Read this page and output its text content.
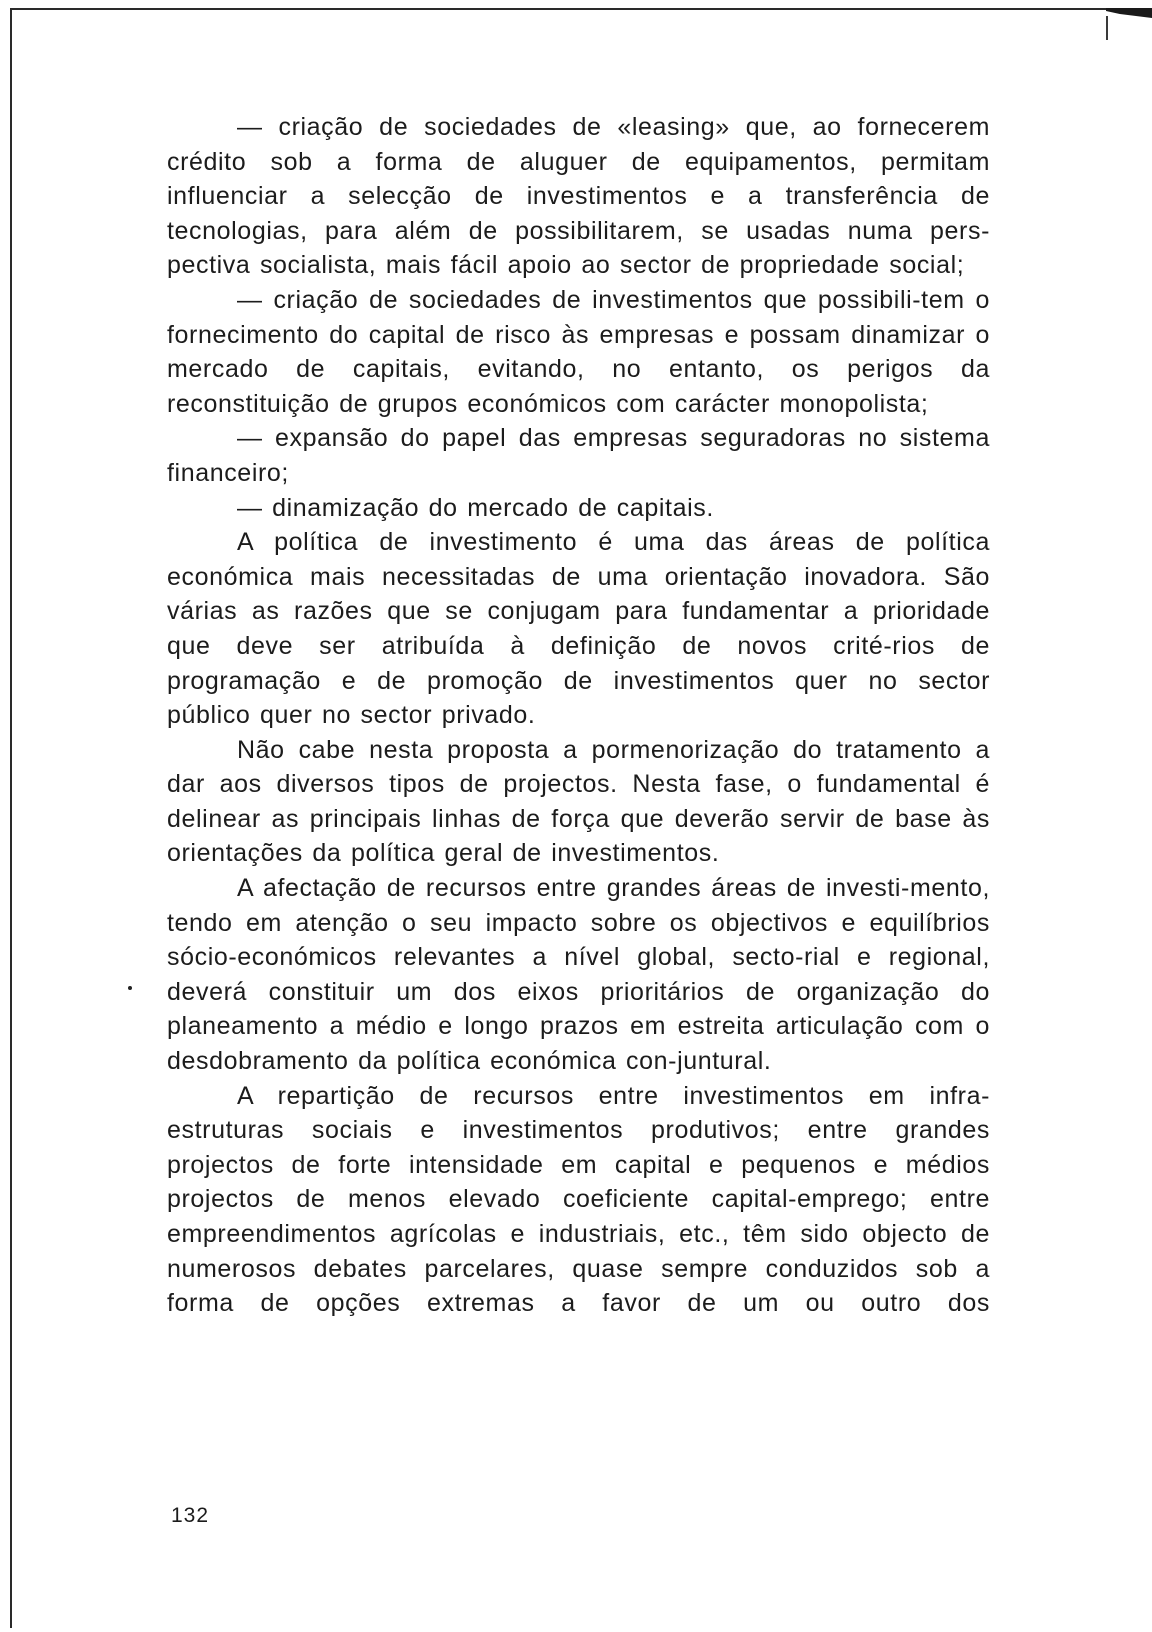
— criação de sociedades de «leasing» que, ao fornecerem crédito sob a forma de aluguer de equipamentos, permitam influenciar a selecção de investimentos e a transferência de tecnologias, para além de possibilitarem, se usadas numa pers-pectiva socialista, mais fácil apoio ao sector de propriedade social;

— criação de sociedades de investimentos que possibili-tem o fornecimento do capital de risco às empresas e possam dinamizar o mercado de capitais, evitando, no entanto, os perigos da reconstituição de grupos económicos com carácter monopolista;

— expansão do papel das empresas seguradoras no sistema financeiro;

— dinamização do mercado de capitais.

A política de investimento é uma das áreas de política económica mais necessitadas de uma orientação inovadora. São várias as razões que se conjugam para fundamentar a prioridade que deve ser atribuída à definição de novos crité-rios de programação e de promoção de investimentos quer no sector público quer no sector privado.

Não cabe nesta proposta a pormenorização do tratamento a dar aos diversos tipos de projectos. Nesta fase, o fundamental é delinear as principais linhas de força que deverão servir de base às orientações da política geral de investimentos.

A afectação de recursos entre grandes áreas de investi-mento, tendo em atenção o seu impacto sobre os objectivos e equilíbrios sócio-económicos relevantes a nível global, secto-rial e regional, deverá constituir um dos eixos prioritários de organização do planeamento a médio e longo prazos em estreita articulação com o desdobramento da política económica con-juntural.

A repartição de recursos entre investimentos em infra-estruturas sociais e investimentos produtivos; entre grandes projectos de forte intensidade em capital e pequenos e médios projectos de menos elevado coeficiente capital-emprego; entre empreendimentos agrícolas e industriais, etc., têm sido objecto de numerosos debates parcelares, quase sempre conduzidos sob a forma de opções extremas a favor de um ou outro dos

132
